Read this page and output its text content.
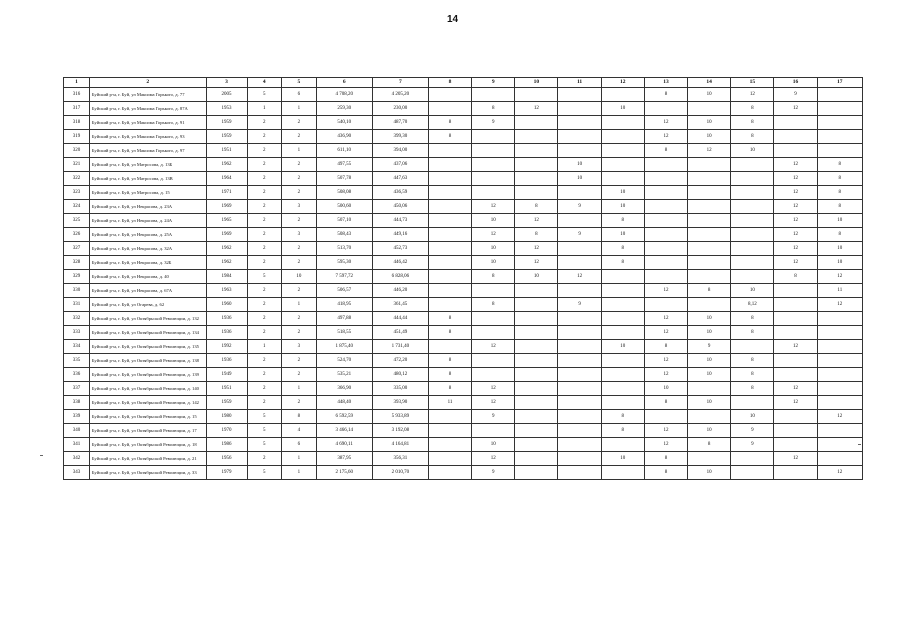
14
1	2	3	4	5	6	7	8	9	10	11	12	13	14	15	16	17
316	Буйский р-н, г. Буй, ул Максима Горького, д. 77	2005	5	6	4 708,20	4 205,20						8	10	12	9	
317	Буйский р-н, г. Буй, ул Максима Горького, д. 87А	1953	1	1	259,30	230,00		8	12		10			8	12	
318	Буйский р-н, г. Буй, ул Максима Горького, д. 91	1959	2	2	540,10	487,70	8	9				12	10	8		
319	Буйский р-н, г. Буй, ул Максима Горького, д. 93	1959	2	2	436,90	399,30	8					12	10	8		
320	Буйский р-н, г. Буй, ул Максима Горького, д. 97	1951	2	1	611,10	394,00						8	12	10		
321	Буйский р-н, г. Буй, ул Матросова, д. 13Б	1962	2	2	497,55	437,06				10					12	8
322	Буйский р-н, г. Буй, ул Матросова, д. 13В	1964	2	2	507,78	447,63				10					12	8
323	Буйский р-н, г. Буй, ул Матросова, д. 15	1971	2	2	508,08	436,59					10				12	8
324	Буйский р-н, г. Буй, ул Некрасова, д. 23А	1969	2	3	500,60	450,06		12	8	9	10				12	8
325	Буйский р-н, г. Буй, ул Некрасова, д. 24А	1965	2	2	507,10	444,73		10	12		8				12	10
326	Буйский р-н, г. Буй, ул Некрасова, д. 25А	1969	2	3	508,43	449,16		12	8	9	10				12	8
327	Буйский р-н, г. Буй, ул Некрасова, д. 32А	1962	2	2	513,70	452,73		10	12		8				12	10
328	Буйский р-н, г. Буй, ул Некрасова, д. 32Б	1962	2	2	595,30	446,42		10	12		8				12	10
329	Буйский р-н, г. Буй, ул Некрасова, д. 40	1984	5	10	7 597,72	6 828,06		8	10	12					8	12
330	Буйский р-н, г. Буй, ул Некрасова, д. 67А	1963	2	2	506,57	446,20						12	8	10		11
331	Буйский р-н, г. Буй, ул Огарева, д. 62	1960	2	1	418,95	361,45		8		9				8,12		12
332	Буйский р-н, г. Буй, ул Октябрьской Революции, д. 132	1936	2	2	497,88	444,44	8					12	10	8		
333	Буйский р-н, г. Буй, ул Октябрьской Революции, д. 134	1936	2	2	518,55	451,49	8					12	10	8		
334	Буйский р-н, г. Буй, ул Октябрьской Революции, д. 135	1992	1	3	1 875,40	1 731,40		12			10	8	9		12	
335	Буйский р-н, г. Буй, ул Октябрьской Революции, д. 138	1936	2	2	524,70	472,20	8					12	10	8		
336	Буйский р-н, г. Буй, ул Октябрьской Революции, д. 139	1949	2	2	535,21	480,12	8					12	10	8		
337	Буйский р-н, г. Буй, ул Октябрьской Революции, д. 140	1951	2	1	366,90	335,00	8	12				10		8	12	
338	Буйский р-н, г. Буй, ул Октябрьской Революции, д. 142	1959	2	2	448,40	393,90	11	12				8	10		12	
339	Буйский р-н, г. Буй, ул Октябрьской Революции, д. 15	1980	5	8	6 592,59	5 933,89		9			8			10		12
340	Буйский р-н, г. Буй, ул Октябрьской Революции, д. 17	1970	5	4	3 466,14	3 192,08					8	12	10	9		
341	Буйский р-н, г. Буй, ул Октябрьской Революции, д. 18	1986	5	6	4 690,11	4 164,81		10				12	8	9		
342	Буйский р-н, г. Буй, ул Октябрьской Революции, д. 21	1956	2	1	387,95	356,31		12			10	8			12	
343	Буйский р-н, г. Буй, ул Октябрьской Революции, д. 33	1979	5	1	2 175,60	2 010,70		9				8	10			12
